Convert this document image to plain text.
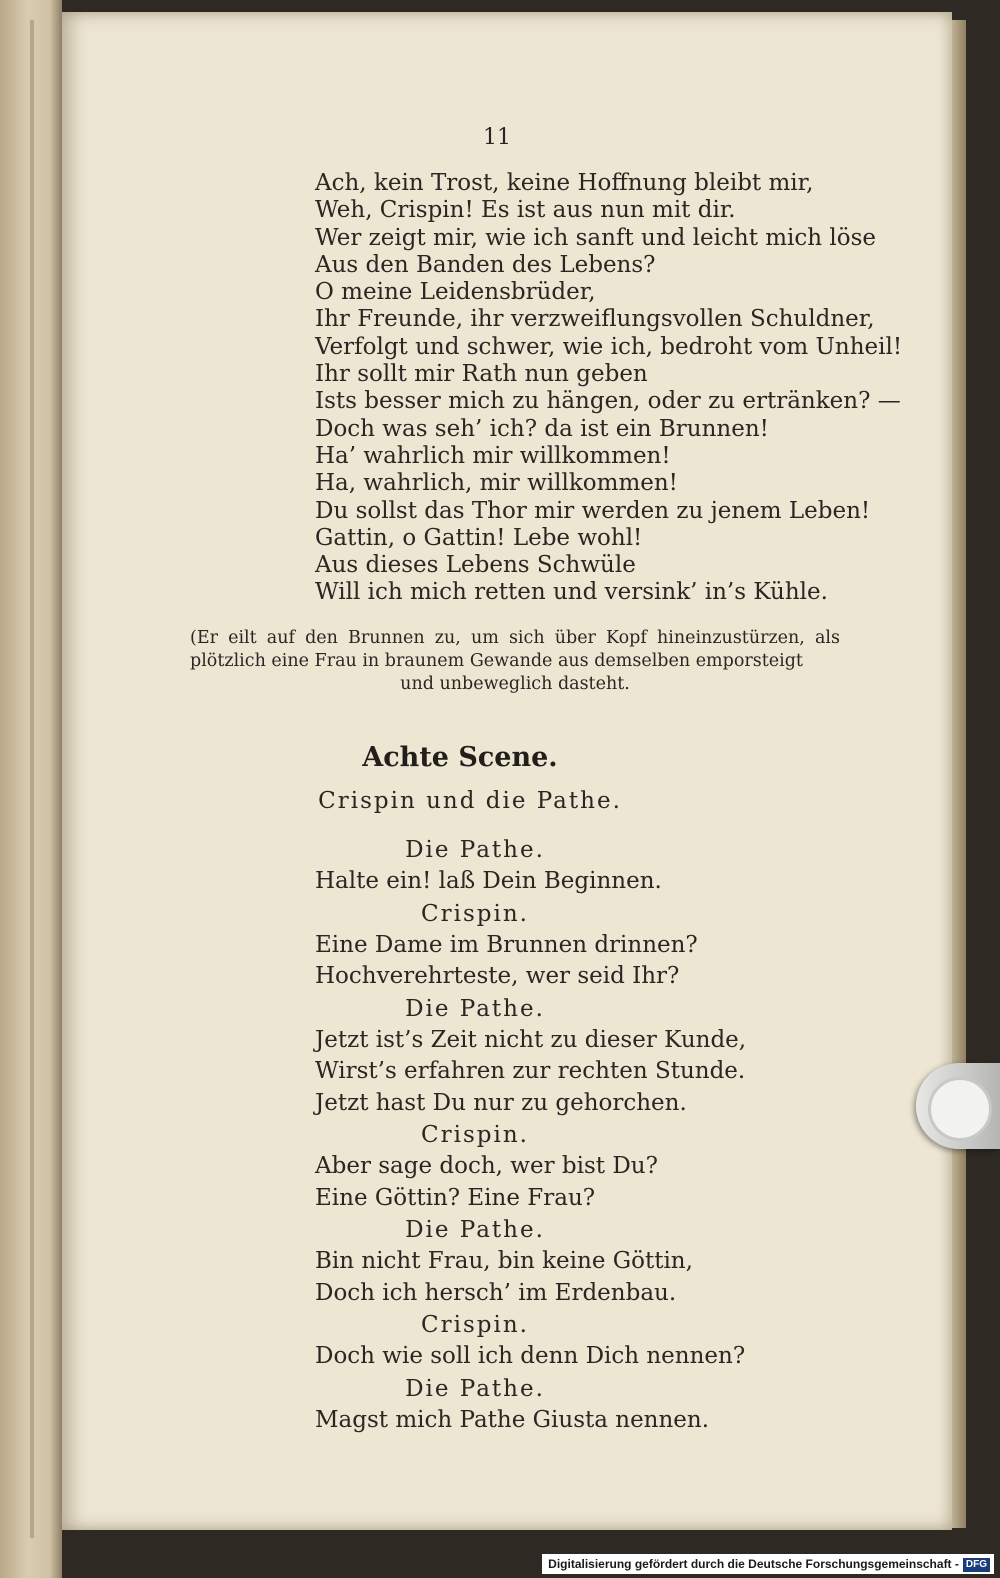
11
Ach, kein Trost, keine Hoffnung bleibt mir,
Weh, Crispin! Es ist aus nun mit dir.
Wer zeigt mir, wie ich sanft und leicht mich löse
Aus den Banden des Lebens?
O meine Leidensbrüder,
Ihr Freunde, ihr verzweiflungsvollen Schuldner,
Verfolgt und schwer, wie ich, bedroht vom Unheil!
Ihr sollt mir Rath nun geben
Ists besser mich zu hängen, oder zu ertränken? —
Doch was seh’ ich? da ist ein Brunnen!
Ha’ wahrlich mir willkommen!
Ha, wahrlich, mir willkommen!
Du sollst das Thor mir werden zu jenem Leben!
Gattin, o Gattin! Lebe wohl!
Aus dieses Lebens Schwüle
Will ich mich retten und versink’ in’s Kühle.
(Er eilt auf den Brunnen zu, um sich über Kopf hineinzustürzen, als plötzlich eine Frau in braunem Gewande aus demselben emporsteigt
und unbeweglich dasteht.
Achte Scene.
Crispin und die Pathe.
Die Pathe.
Halte ein! laß Dein Beginnen.
Crispin.
Eine Dame im Brunnen drinnen?
Hochverehrteste, wer seid Ihr?
Die Pathe.
Jetzt ist’s Zeit nicht zu dieser Kunde,
Wirst’s erfahren zur rechten Stunde.
Jetzt hast Du nur zu gehorchen.
Crispin.
Aber sage doch, wer bist Du?
Eine Göttin? Eine Frau?
Die Pathe.
Bin nicht Frau, bin keine Göttin,
Doch ich hersch’ im Erdenbau.
Crispin.
Doch wie soll ich denn Dich nennen?
Die Pathe.
Magst mich Pathe Giusta nennen.
Digitalisierung gefördert durch die Deutsche Forschungsgemeinschaft - DFG
